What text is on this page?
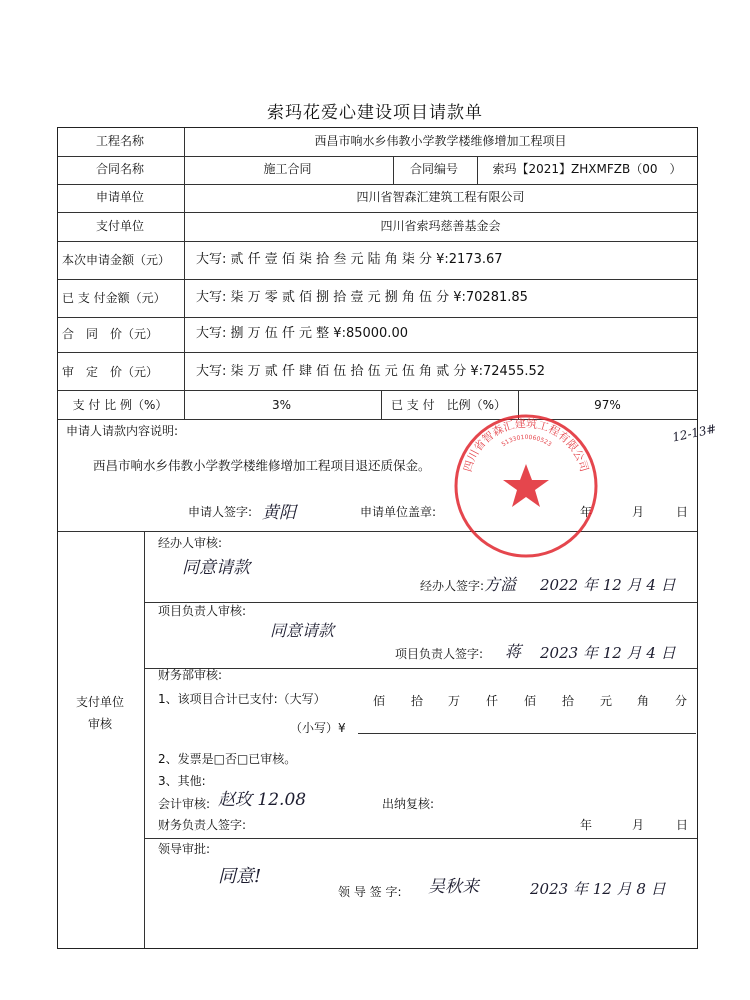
索玛花爱心建设项目请款单
工程名称	西昌市响水乡伟教小学教学楼维修增加工程项目
合同名称	施工合同	合同编号	索玛【2021】ZHXMFZB（00　）
申请单位	四川省智森汇建筑工程有限公司
支付单位	四川省索玛慈善基金会
本次申请金额（元） 大写: 贰 仟 壹 佰 柒 拾 叁 元 陆 角 柒 分 ¥:2173.67
已 支 付金额（元） 大写: 柒 万 零 贰 佰 捌 拾 壹 元 捌 角 伍 分 ¥:70281.85
合　同　价（元）	大写: 捌 万 伍 仟 元 整 ¥:85000.00
审　定　价（元）	大写: 柒 万 贰 仟 肆 佰 伍 拾 伍 元 伍 角 贰 分 ¥:72455.52
支 付 比 例（%）	3%	已 支 付　比例（%）	97%
申请人请款内容说明:
西昌市响水乡伟教小学教学楼维修增加工程项目退还质保金。
申请人签字: 黄阳	申请单位盖章:	年	月	日
12-13#
四川省智森汇建筑工程有限公司
5133010060523
支付单位
审核
经办人审核:
同意请款
经办人签字: 方溢 2022 年 12 月 4 日
项目负责人审核:
同意请款
项目负责人签字: 蒋 2023 年 12 月 4 日
财务部审核:
1、该项目合计已支付:（大写）	佰 拾 万 仟 佰 拾 元 角 分
（小写）¥
2、发票是□否□已审核。
3、其他:
会计审核: 赵玫 12.08	出纳复核:
财务负责人签字:	年	月	日
领导审批:
同意!
领 导 签 字: 吴秋来	2023 年 12 月 8 日
